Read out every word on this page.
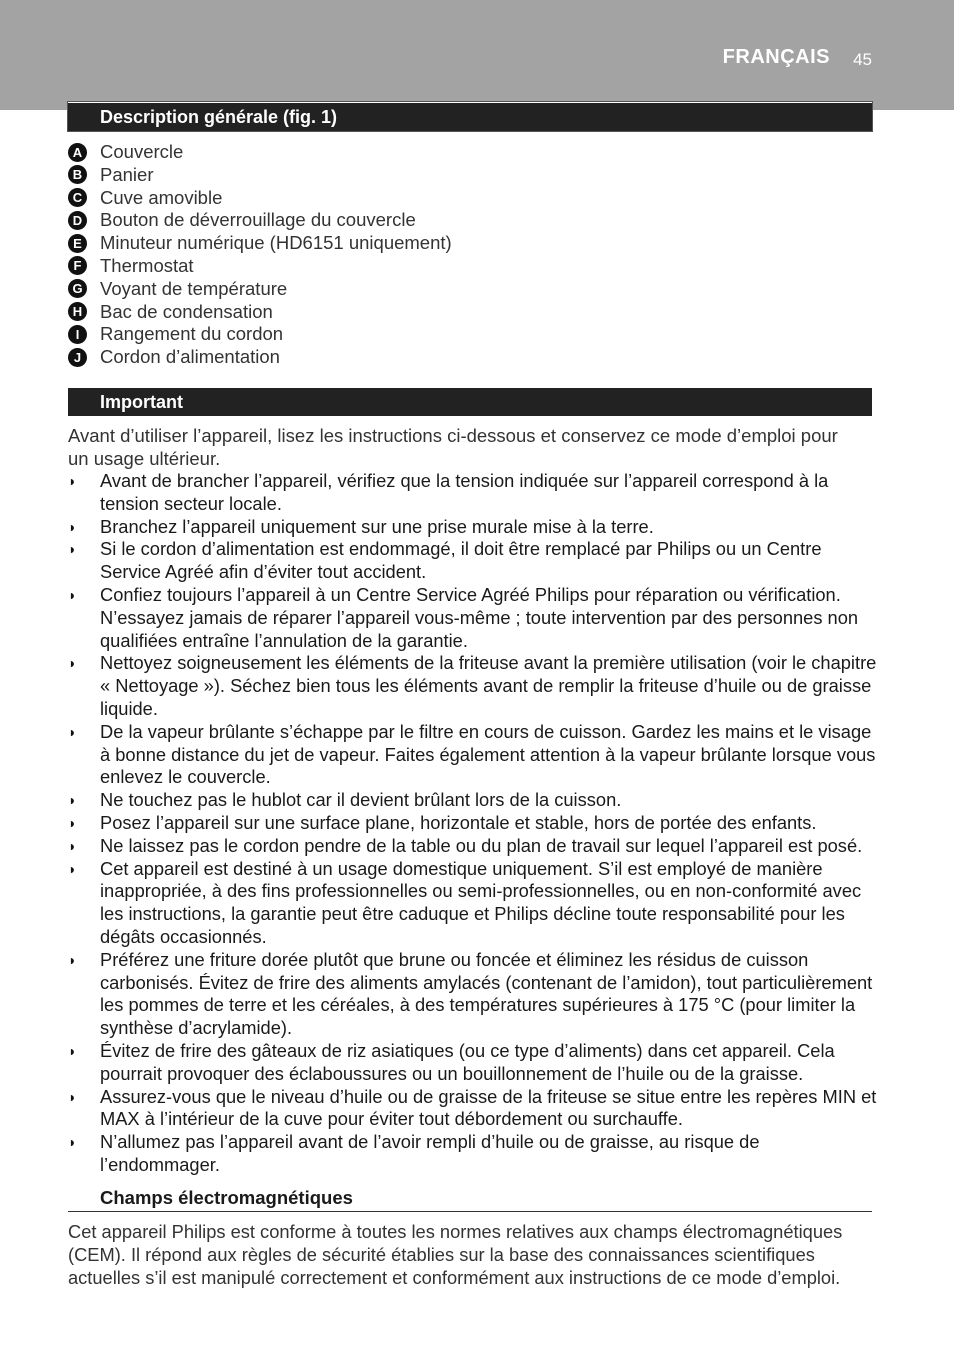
FRANÇAIS 45
Description générale (fig. 1)
A Couvercle
B Panier
C Cuve amovible
D Bouton de déverrouillage du couvercle
E Minuteur numérique (HD6151 uniquement)
F Thermostat
G Voyant de température
H Bac de condensation
I	Rangement du cordon
J	Cordon d’alimentation
Important
Avant d’utiliser l’appareil, lisez les instructions ci-dessous et conservez ce mode d’emploi pour un usage ultérieur.
◗ Avant de brancher l’appareil, vérifiez que la tension indiquée sur l’appareil correspond à la tension secteur locale.
◗ Branchez l’appareil uniquement sur une prise murale mise à la terre.
◗ Si le cordon d’alimentation est endommagé, il doit être remplacé par Philips ou un Centre Service Agréé afin d’éviter tout accident.
◗ Confiez toujours l’appareil à un Centre Service Agréé Philips pour réparation ou vérification. N’essayez jamais de réparer l’appareil vous-même ; toute intervention par des personnes non qualifiées entraîne l’annulation de la garantie.
◗ Nettoyez soigneusement les éléments de la friteuse avant la première utilisation (voir le chapitre « Nettoyage »). Séchez bien tous les éléments avant de remplir la friteuse d’huile ou de graisse liquide.
◗ De la vapeur brûlante s’échappe par le filtre en cours de cuisson. Gardez les mains et le visage à bonne distance du jet de vapeur. Faites également attention à la vapeur brûlante lorsque vous enlevez le couvercle.
◗ Ne touchez pas le hublot car il devient brûlant lors de la cuisson.
◗ Posez l’appareil sur une surface plane, horizontale et stable, hors de portée des enfants.
◗ Ne laissez pas le cordon pendre de la table ou du plan de travail sur lequel l’appareil est posé.
◗ Cet appareil est destiné à un usage domestique uniquement. S’il est employé de manière inappropriée, à des fins professionnelles ou semi-professionnelles, ou en non-conformité avec les instructions, la garantie peut être caduque et Philips décline toute responsabilité pour les dégâts occasionnés.
◗ Préférez une friture dorée plutôt que brune ou foncée et éliminez les résidus de cuisson carbonisés. Évitez de frire des aliments amylacés (contenant de l’amidon), tout particulièrement les pommes de terre et les céréales, à des températures supérieures à 175 °C (pour limiter la synthèse d’acrylamide).
◗ Évitez de frire des gâteaux de riz asiatiques (ou ce type d’aliments) dans cet appareil. Cela pourrait provoquer des éclaboussures ou un bouillonnement de l’huile ou de la graisse.
◗ Assurez-vous que le niveau d’huile ou de graisse de la friteuse se situe entre les repères MIN et MAX à l’intérieur de la cuve pour éviter tout débordement ou surchauffe.
◗ N’allumez pas l’appareil avant de l’avoir rempli d’huile ou de graisse, au risque de l’endommager.
Champs électromagnétiques
Cet appareil Philips est conforme à toutes les normes relatives aux champs électromagnétiques (CEM). Il répond aux règles de sécurité établies sur la base des connaissances scientifiques actuelles s’il est manipulé correctement et conformément aux instructions de ce mode d’emploi.
